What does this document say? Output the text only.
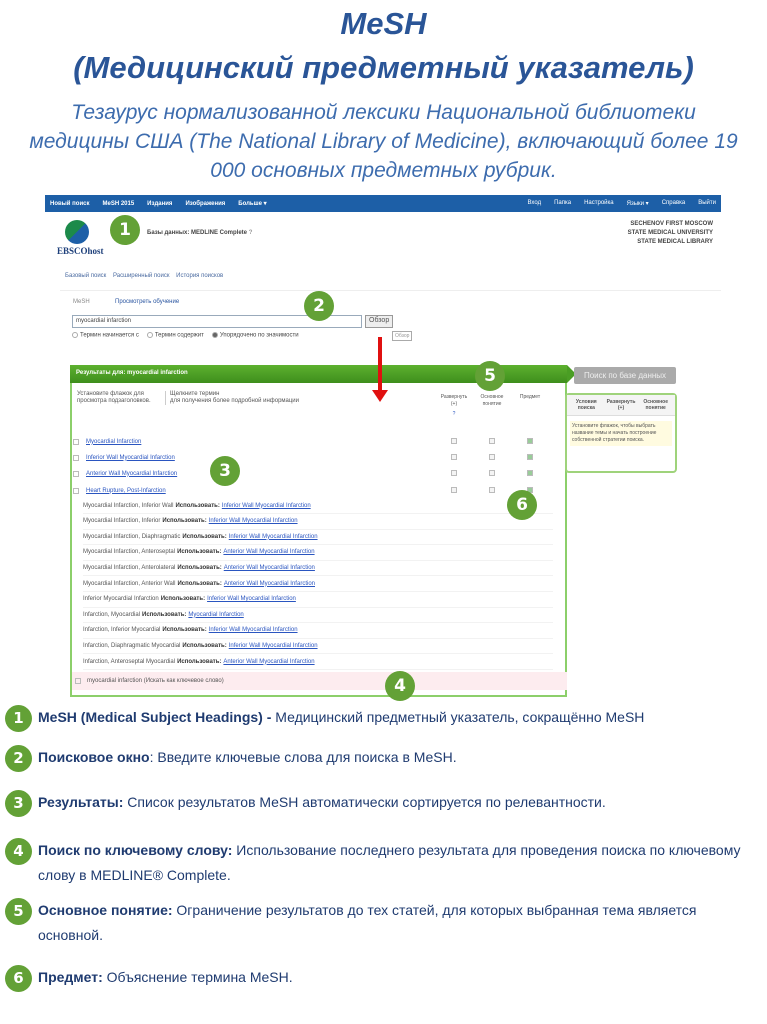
MeSH
(Медицинский предметный указатель)
Тезаурус нормализованной лексики Национальной библиотеки медицины США (The National Library of Medicine), включающий более 19 000 основных предметных рубрик.
Новый поиск MeSH 2015 Издания Изображения Больше ▾	Вход Папка Настройка Языки ▾ Справка Выйти
EBSCOhost
Базы данных: MEDLINE Complete ?
SECHENOV FIRST MOSCOW
STATE MEDICAL UNIVERSITY
STATE MEDICAL LIBRARY
Базовый поиск Расширенный поиск История поисков
MeSH	Просмотреть обучение
myocardial infarction	Обзор
Термин начинается с	Термин содержит	Упорядочено по значимости	Обзор
Результаты для: myocardial infarction
Установите флажок для просмотра подзаголовков.
Щелкните термин
для получения более подробной информации
Развернуть (+)
?
Основное понятие
Предмет
Myocardial Infarction
Inferior Wall Myocardial Infarction
Anterior Wall Myocardial Infarction
Heart Rupture, Post-Infarction
Myocardial Infarction, Inferior Wall Использовать: Inferior Wall Myocardial Infarction
Myocardial Infarction, Inferior Использовать: Inferior Wall Myocardial Infarction
Myocardial Infarction, Diaphragmatic Использовать: Inferior Wall Myocardial Infarction
Myocardial Infarction, Anteroseptal Использовать: Anterior Wall Myocardial Infarction
Myocardial Infarction, Anterolateral Использовать: Anterior Wall Myocardial Infarction
Myocardial Infarction, Anterior Wall Использовать: Anterior Wall Myocardial Infarction
Inferior Myocardial Infarction Использовать: Inferior Wall Myocardial Infarction
Infarction, Myocardial Использовать: Myocardial Infarction
Infarction, Inferior Myocardial Использовать: Inferior Wall Myocardial Infarction
Infarction, Diaphragmatic Myocardial Использовать: Inferior Wall Myocardial Infarction
Infarction, Anteroseptal Myocardial Использовать: Anterior Wall Myocardial Infarction
myocardial infarction (Искать как ключевое слово)
Поиск по базе данных
Условия поиска
Развернуть (+)
Основное понятие
Установите флажок, чтобы выбрать название темы и начать построение собственной стратегии поиска.
1
2
3
4
5
6
1	MeSH (Medical Subject Headings) - Медицинский предметный указатель, сокращённо MeSH
2	Поисковое окно: Введите ключевые слова для поиска в MeSH.
3	Результаты: Список результатов MeSH автоматически сортируется по релевантности.
4	Поиск по ключевому слову: Использование последнего результата для проведения поиска по ключевому слову в MEDLINE® Complete.
5	Основное понятие: Ограничение результатов до тех статей, для которых выбранная тема является основной.
6	Предмет: Объяснение термина MeSH.
